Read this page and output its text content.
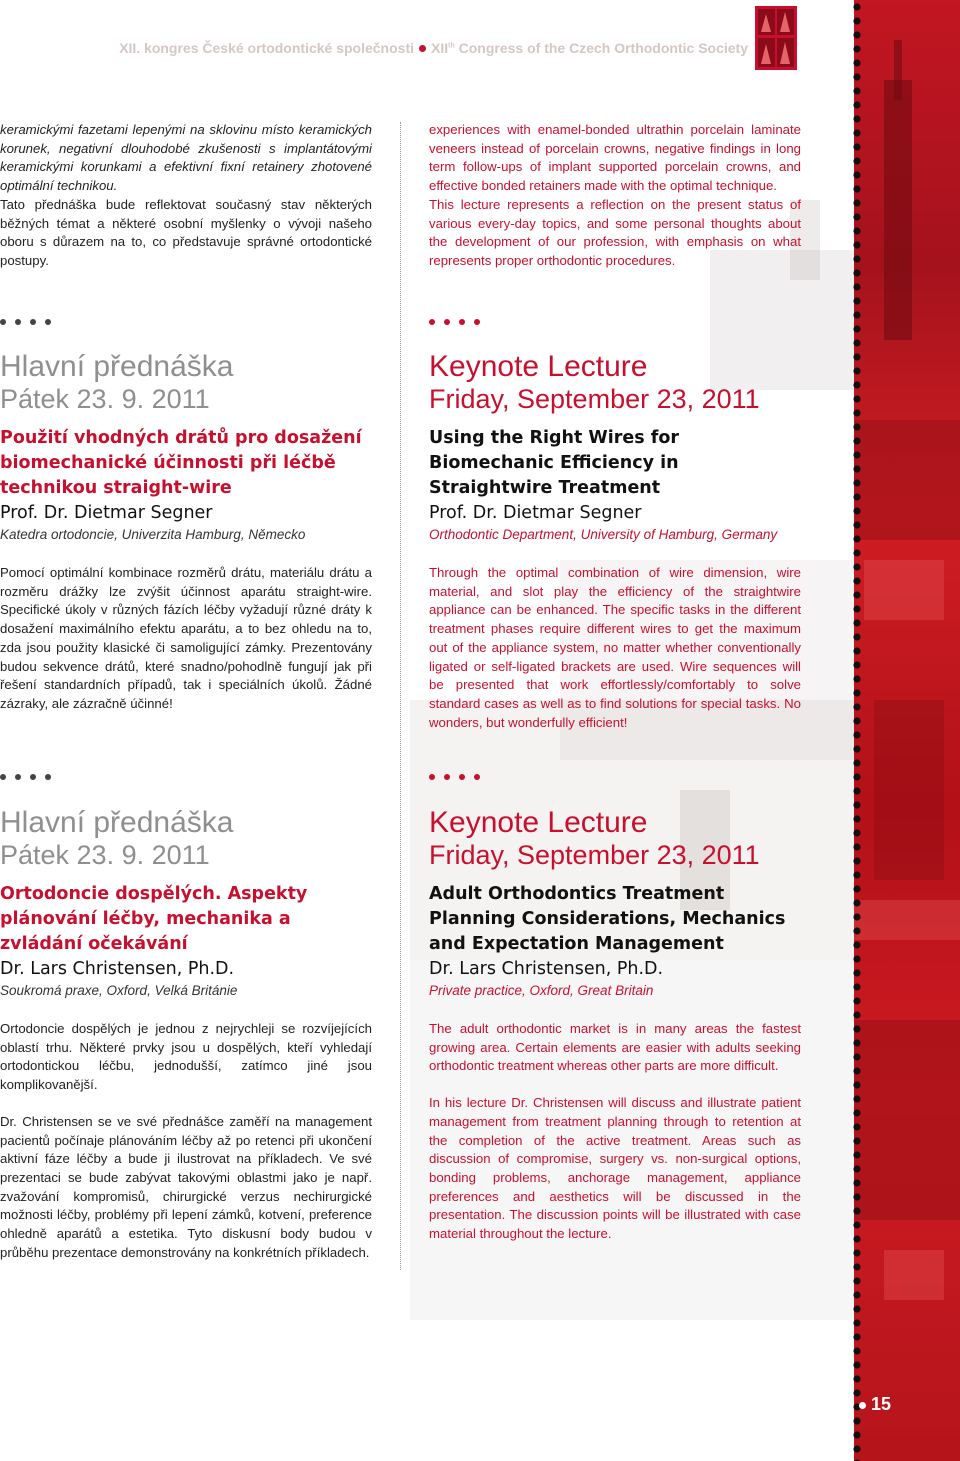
XII. kongres České ortodontické společnosti XIIth Congress of the Czech Orthodontic Society

keramickými fazetami lepenými na sklovinu místo keramických korunek, negativní dlouhodobé zkušenosti s implantátovými keramickými korunkami a efektivní fixní retainery zhotovené optimální technikou.

Tato přednáška bude reflektovat současný stav některých běžných témat a některé osobní myšlenky o vývoji našeho oboru s důrazem na to, co představuje správné ortodontické postupy.

Hlavní přednáška

Pátek 23. 9. 2011

Použití vhodných drátů pro dosažení biomechanické účinnosti při léčbě technikou straight-wire

Prof. Dr. Dietmar Segner

Katedra ortodoncie, Univerzita Hamburg, Německo

Pomocí optimální kombinace rozměrů drátu, materiálu drátu a rozměru drážky lze zvýšit účinnost aparátu straight-wire. Specifické úkoly v různých fázích léčby vyžadují různé dráty k dosažení maximálního efektu aparátu, a to bez ohledu na to, zda jsou použity klasické či samoligující zámky. Prezentovány budou sekvence drátů, které snadno/pohodlně fungují jak při řešení standardních případů, tak i speciálních úkolů. Žádné zázraky, ale zázračně účinné!

Hlavní přednáška

Pátek 23. 9. 2011

Ortodoncie dospělých. Aspekty plánování léčby, mechanika a zvládání očekávání

Dr. Lars Christensen, Ph.D.

Soukromá praxe, Oxford, Velká Británie

Ortodoncie dospělých je jednou z nejrychleji se rozvíjejících oblastí trhu. Některé prvky jsou u dospělých, kteří vyhledají ortodontickou léčbu, jednodušší, zatímco jiné jsou komplikovanější.

Dr. Christensen se ve své přednášce zaměří na management pacientů počínaje plánováním léčby až po retenci při ukončení aktivní fáze léčby a bude ji ilustrovat na příkladech. Ve své prezentaci se bude zabývat takovými oblastmi jako je např. zvažování kompromisů, chirurgické verzus nechirurgické možnosti léčby, problémy při lepení zámků, kotvení, preference ohledně aparátů a estetika. Tyto diskusní body budou v průběhu prezentace demonstrovány na konkrétních příkladech.

experiences with enamel-bonded ultrathin porcelain laminate veneers instead of porcelain crowns, negative findings in long term follow-ups of implant supported porcelain crowns, and effective bonded retainers made with the optimal technique.

This lecture represents a reflection on the present status of various every-day topics, and some personal thoughts about the development of our profession, with emphasis on what represents proper orthodontic procedures.

Keynote Lecture

Friday, September 23, 2011

Using the Right Wires for Biomechanic Efficiency in Straightwire Treatment

Prof. Dr. Dietmar Segner

Orthodontic Department, University of Hamburg, Germany

Through the optimal combination of wire dimension, wire material, and slot play the efficiency of the straightwire appliance can be enhanced. The specific tasks in the different treatment phases require different wires to get the maximum out of the appliance system, no matter whether conventionally ligated or self-ligated brackets are used. Wire sequences will be presented that work effortlessly/comfortably to solve standard cases as well as to find solutions for special tasks. No wonders, but wonderfully efficient!

Keynote Lecture

Friday, September 23, 2011

Adult Orthodontics Treatment Planning Considerations, Mechanics and Expectation Management

Dr. Lars Christensen, Ph.D.

Private practice, Oxford, Great Britain

The adult orthodontic market is in many areas the fastest growing area. Certain elements are easier with adults seeking orthodontic treatment whereas other parts are more difficult.

In his lecture Dr. Christensen will discuss and illustrate patient management from treatment planning through to retention at the completion of the active treatment. Areas such as discussion of compromise, surgery vs. non-surgical options, bonding problems, anchorage management, appliance preferences and aesthetics will be discussed in the presentation. The discussion points will be illustrated with case material throughout the lecture.

15
